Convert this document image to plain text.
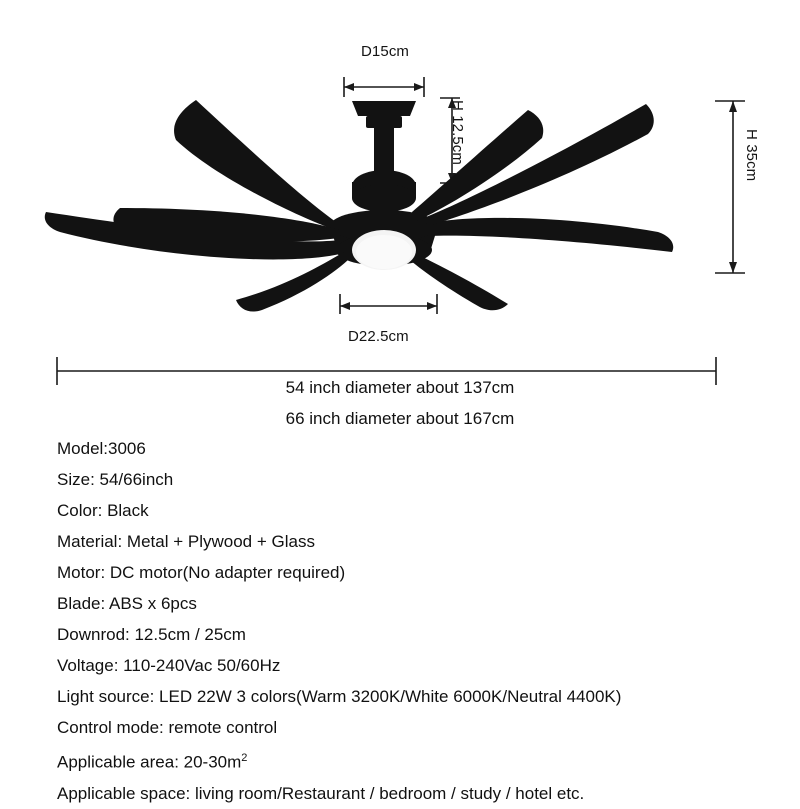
D15cm
H 12.5cm	H 35cm
D22.5cm
54 inch diameter about 137cm
66 inch diameter about 167cm
Model:3006
Size: 54/66inch
Color: Black
Material: Metal + Plywood + Glass
Motor: DC motor(No adapter required)
Blade: ABS x 6pcs
Downrod: 12.5cm / 25cm
Voltage: 110-240Vac 50/60Hz
Light source: LED 22W 3 colors(Warm 3200K/White 6000K/Neutral 4400K)
Control mode: remote control
Applicable area: $20-30m^2$
Applicable space: living room/Restaurant / bedroom / study / hotel etc.
